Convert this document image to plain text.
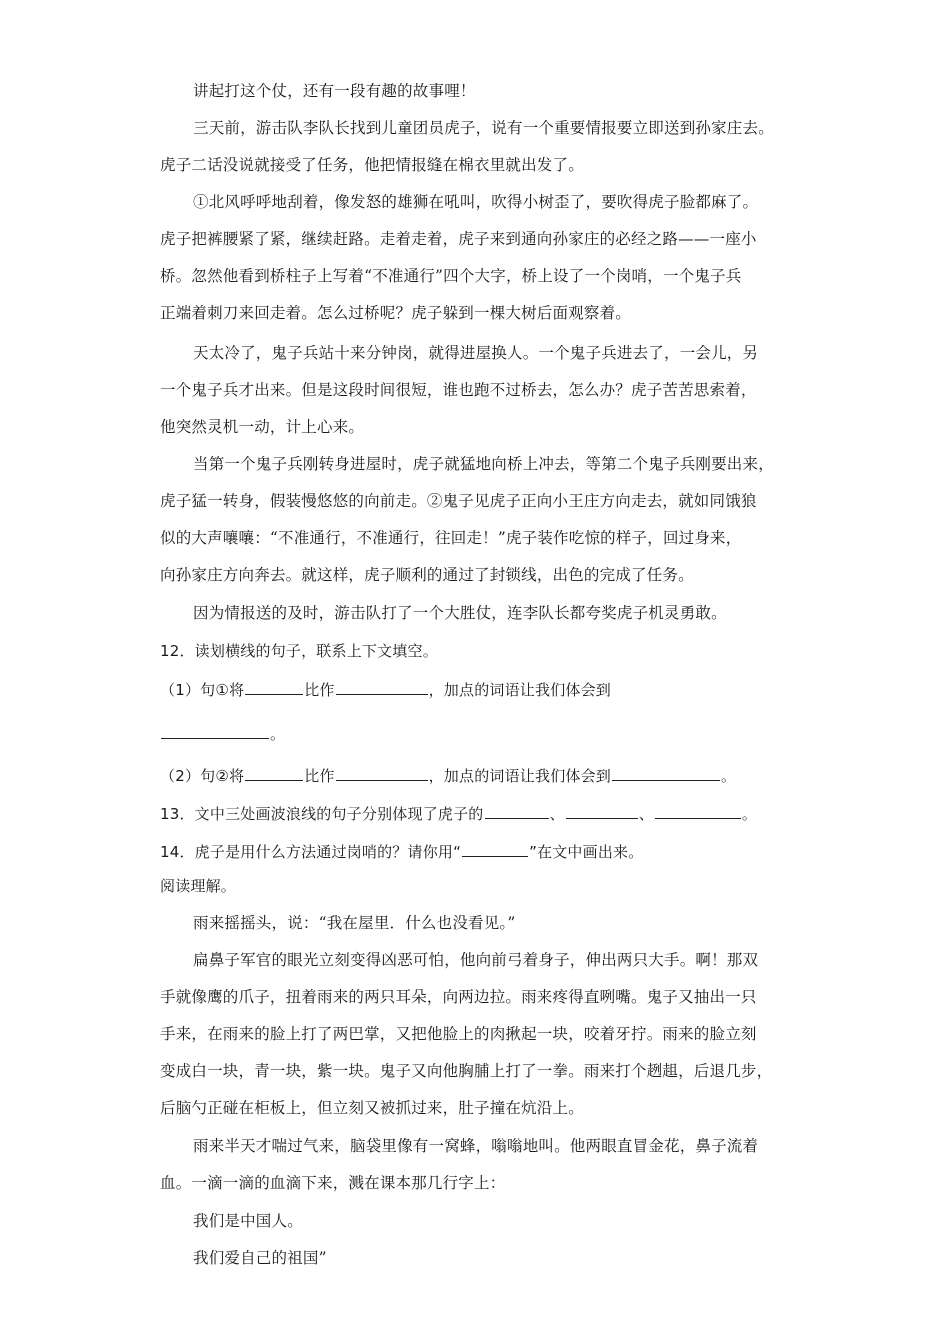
讲起打这个仗，还有一段有趣的故事哩！
三天前，游击队李队长找到儿童团员虎子，说有一个重要情报要立即送到孙家庄去。
虎子二话没说就接受了任务，他把情报缝在棉衣里就出发了。
①北风呼呼地刮着，像发怒的雄狮在吼叫，吹得小树歪了，要吹得虎子脸都麻了。
虎子把裤腰紧了紧，继续赶路。走着走着，虎子来到通向孙家庄的必经之路——一座小
桥。忽然他看到桥柱子上写着“不准通行”四个大字，桥上设了一个岗哨，一个鬼子兵
正端着刺刀来回走着。怎么过桥呢？虎子躲到一棵大树后面观察着。
天太冷了，鬼子兵站十来分钟岗，就得进屋换人。一个鬼子兵进去了，一会儿，另
一个鬼子兵才出来。但是这段时间很短，谁也跑不过桥去，怎么办？虎子苦苦思索着，
他突然灵机一动，计上心来。
当第一个鬼子兵刚转身进屋时，虎子就猛地向桥上冲去，等第二个鬼子兵刚要出来，
虎子猛一转身，假装慢悠悠的向前走。②鬼子见虎子正向小王庄方向走去，就如同饿狼
似的大声嚷嚷：“不准通行，不准通行，往回走！”虎子装作吃惊的样子，回过身来，
向孙家庄方向奔去。就这样，虎子顺利的通过了封锁线，出色的完成了任务。
因为情报送的及时，游击队打了一个大胜仗，连李队长都夸奖虎子机灵勇敢。
12．读划横线的句子，联系上下文填空。
（1）句①将	比作	，加点的词语让我们体会到
。
（2）句②将	比作	，加点的词语让我们体会到	。
13．文中三处画波浪线的句子分别体现了虎子的	、	、	。
14．虎子是用什么方法通过岗哨的？请你用“	”在文中画出来。
阅读理解。
雨来摇摇头，说：“我在屋里．什么也没看见。”
扁鼻子军官的眼光立刻变得凶恶可怕，他向前弓着身子，伸出两只大手。啊！那双
手就像鹰的爪子，扭着雨来的两只耳朵，向两边拉。雨来疼得直咧嘴。鬼子又抽出一只
手来，在雨来的脸上打了两巴掌，又把他脸上的肉揪起一块，咬着牙拧。雨来的脸立刻
变成白一块，青一块，紫一块。鬼子又向他胸脯上打了一拳。雨来打个趔趄，后退几步，
后脑勺正碰在柜板上，但立刻又被抓过来，肚子撞在炕沿上。
雨来半天才喘过气来，脑袋里像有一窝蜂，嗡嗡地叫。他两眼直冒金花，鼻子流着
血。一滴一滴的血滴下来，溅在课本那几行字上：
我们是中国人。
我们爱自己的祖国”
